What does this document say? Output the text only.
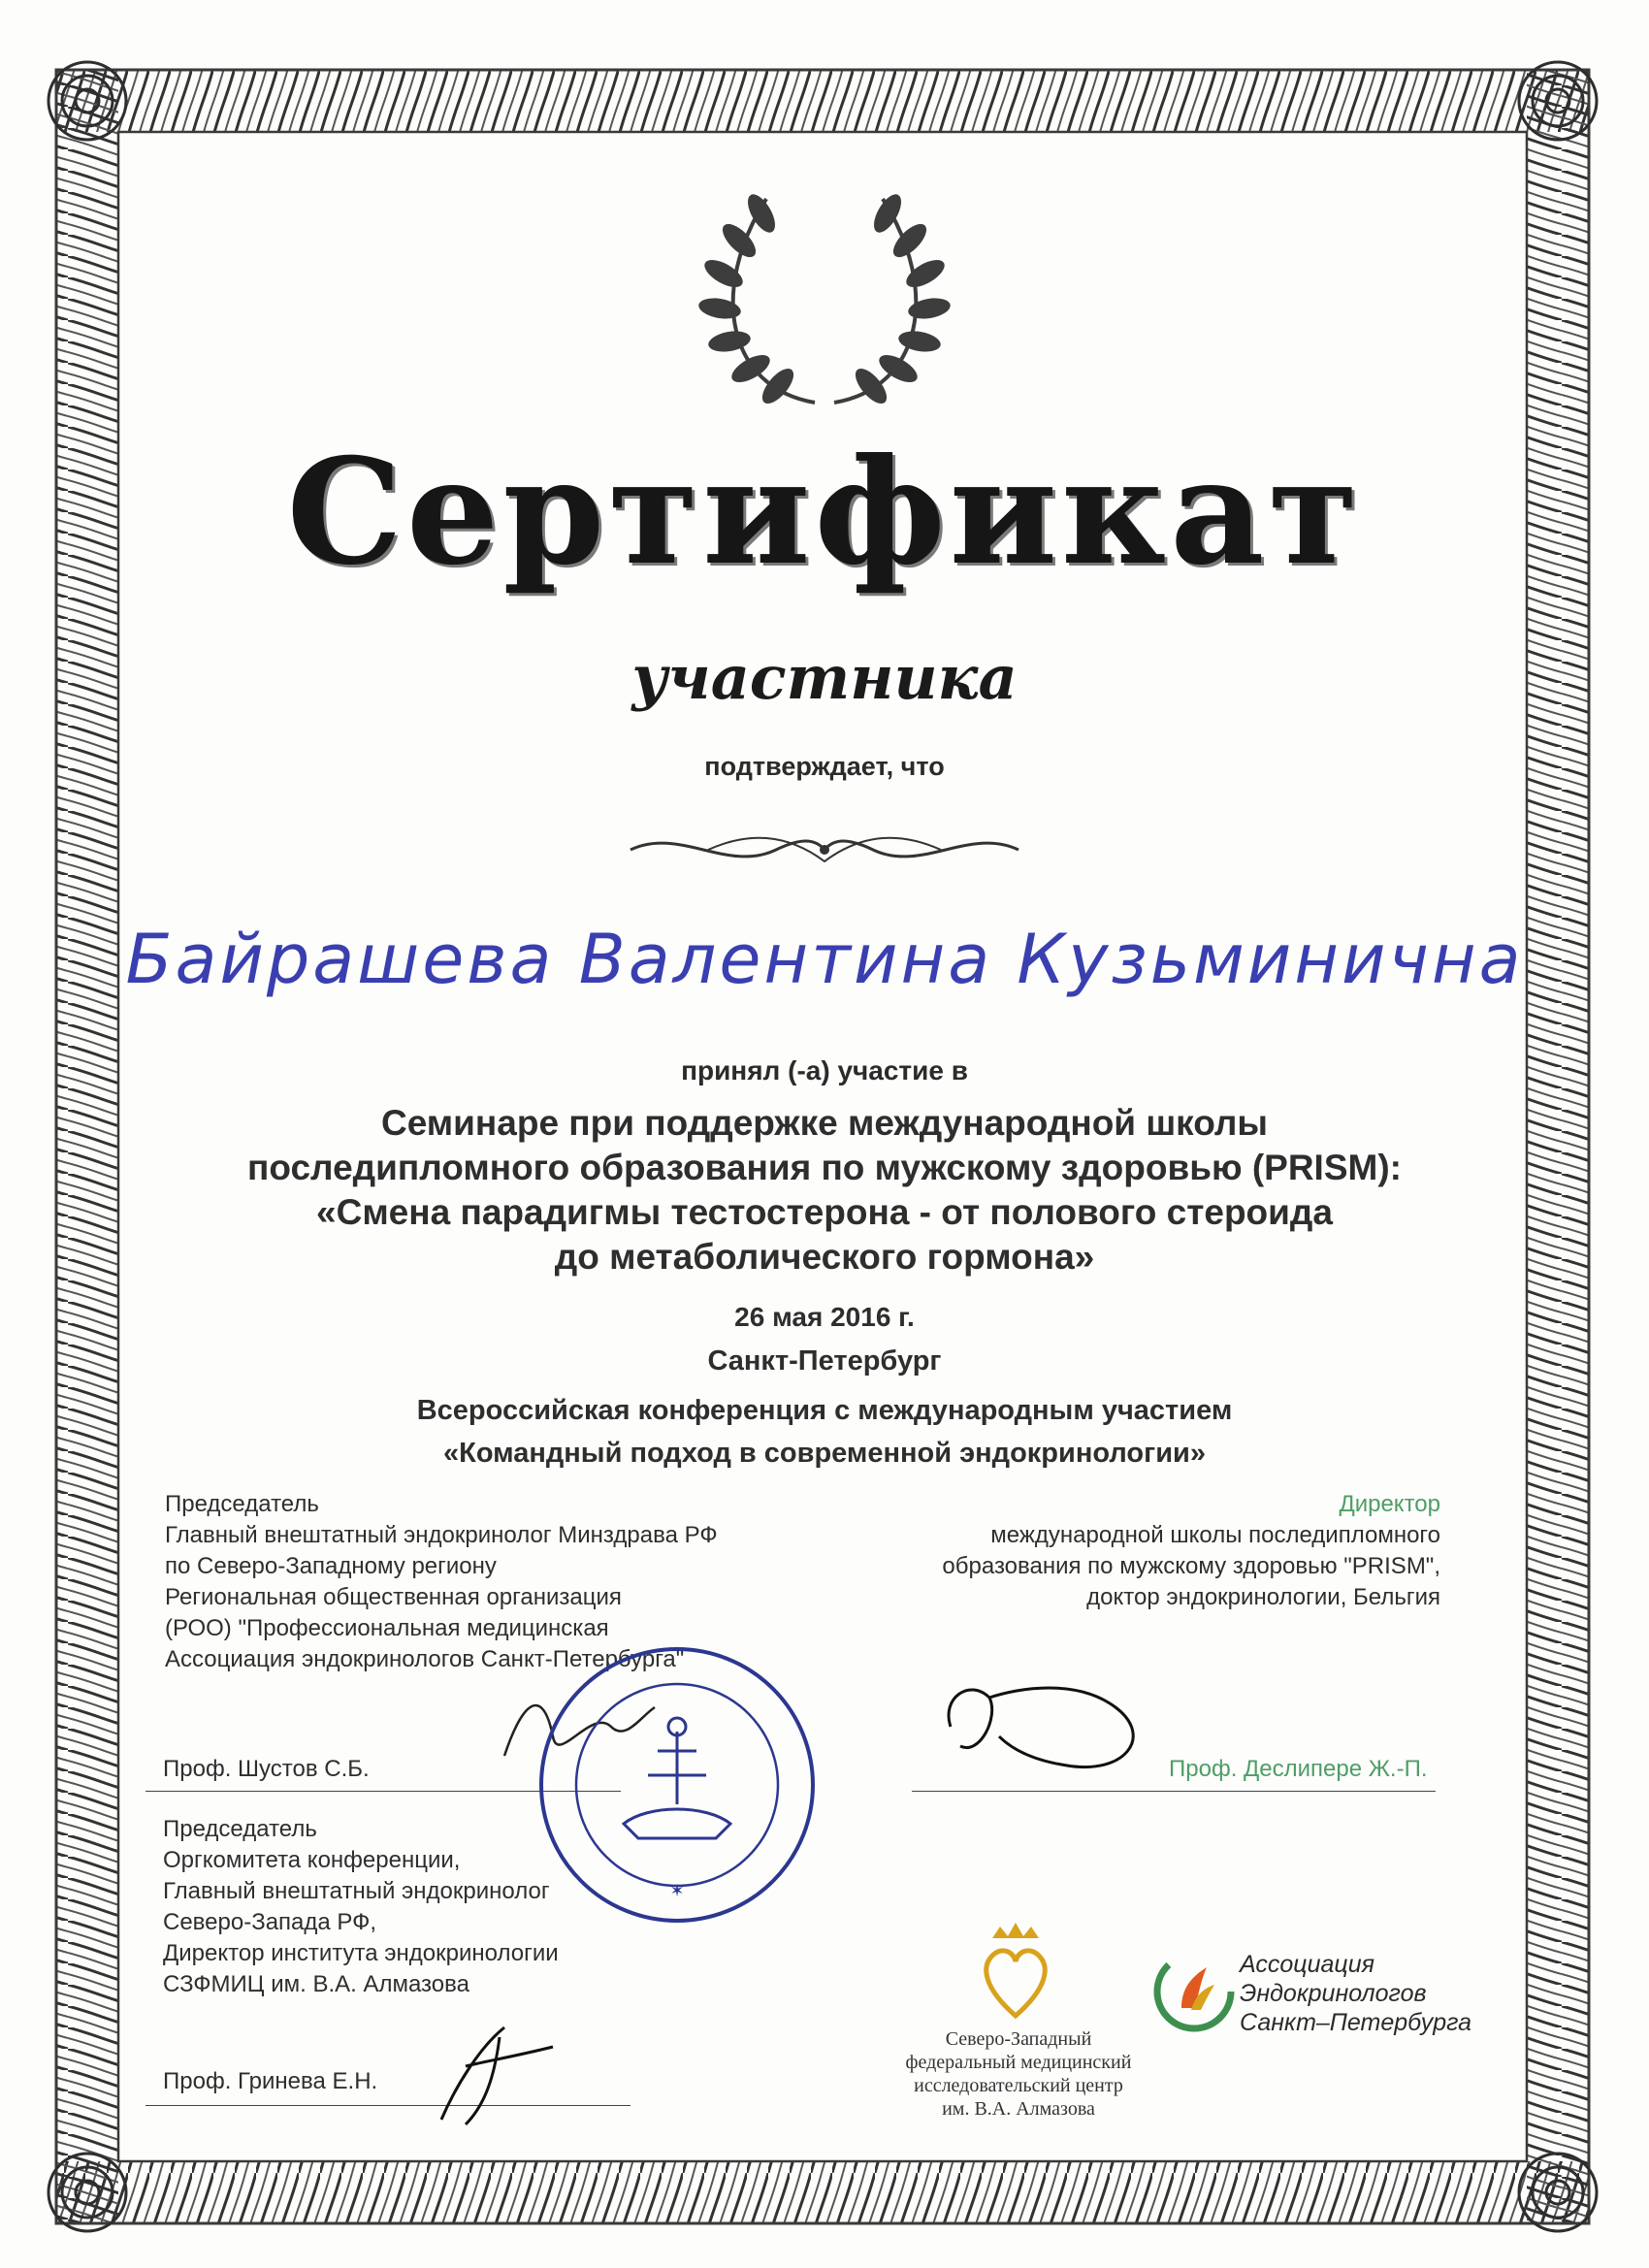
Сертификат
участника
подтверждает, что
Байрашева Валентина Кузьминична
принял (-а) участие в
Семинаре при поддержке международной школы
последипломного образования по мужскому здоровью (PRISM):
«Смена парадигмы тестостерона - от полового стероида
до метаболического гормона»
26 мая 2016 г.
Санкт-Петербург
Всероссийская конференция с международным участием
«Командный подход в современной эндокринологии»
Председатель
Главный внештатный эндокринолог Минздрава РФ
по Северо-Западному региону
Региональная общественная организация
(РОО) "Профессиональная медицинская
Ассоциация эндокринологов Санкт-Петербурга"
Проф. Шустов С.Б.
Директор
международной школы последипломного
образования по мужскому здоровью "PRISM",
доктор эндокринологии, Бельгия
Проф. Деслипере Ж.-П.
✶
Председатель
Оргкомитета конференции,
Главный внештатный эндокринолог
Северо-Запада РФ,
Директор института эндокринологии
СЗФМИЦ им. В.А. Алмазова
Проф. Гринева Е.Н.
Северо-Западный
федеральный медицинский
исследовательский центр
им. В.А. Алмазова
Ассоциация
Эндокринологов
Санкт–Петербурга
